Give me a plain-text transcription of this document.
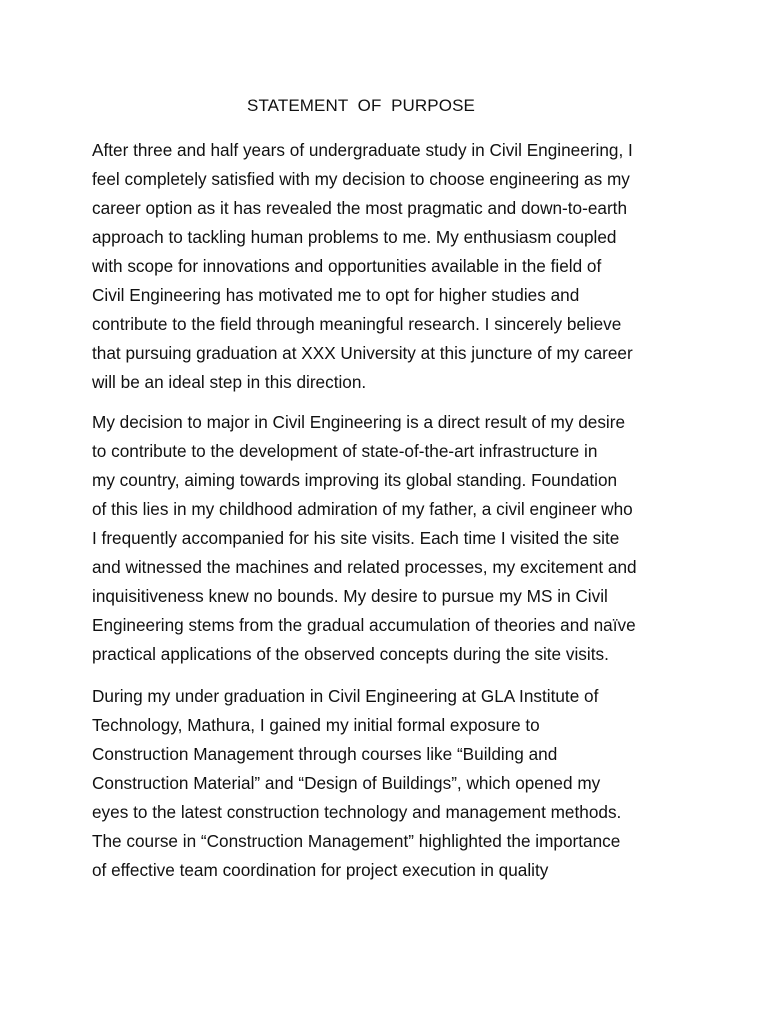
STATEMENT  OF  PURPOSE
After three and half years of undergraduate study in Civil Engineering, I
feel completely satisfied with my decision to choose engineering as my
career option as it has revealed the most pragmatic and down-to-earth
approach to tackling human problems to me. My enthusiasm coupled
with scope for innovations and opportunities available in the field of
Civil Engineering has motivated me to opt for higher studies and
contribute to the field through meaningful research. I sincerely believe
that pursuing graduation at XXX University at this juncture of my career
will be an ideal step in this direction.
My decision to major in Civil Engineering is a direct result of my desire
to contribute to the development of state-of-the-art infrastructure in
my country, aiming towards improving its global standing. Foundation
of this lies in my childhood admiration of my father, a civil engineer who
I frequently accompanied for his site visits. Each time I visited the site
and witnessed the machines and related processes, my excitement and
inquisitiveness knew no bounds. My desire to pursue my MS in Civil
Engineering stems from the gradual accumulation of theories and naïve
practical applications of the observed concepts during the site visits.
During my under graduation in Civil Engineering at GLA Institute of
Technology, Mathura, I gained my initial formal exposure to
Construction Management through courses like “Building and
Construction Material” and “Design of Buildings”, which opened my
eyes to the latest construction technology and management methods.
The course in “Construction Management” highlighted the importance
of effective team coordination for project execution in quality
